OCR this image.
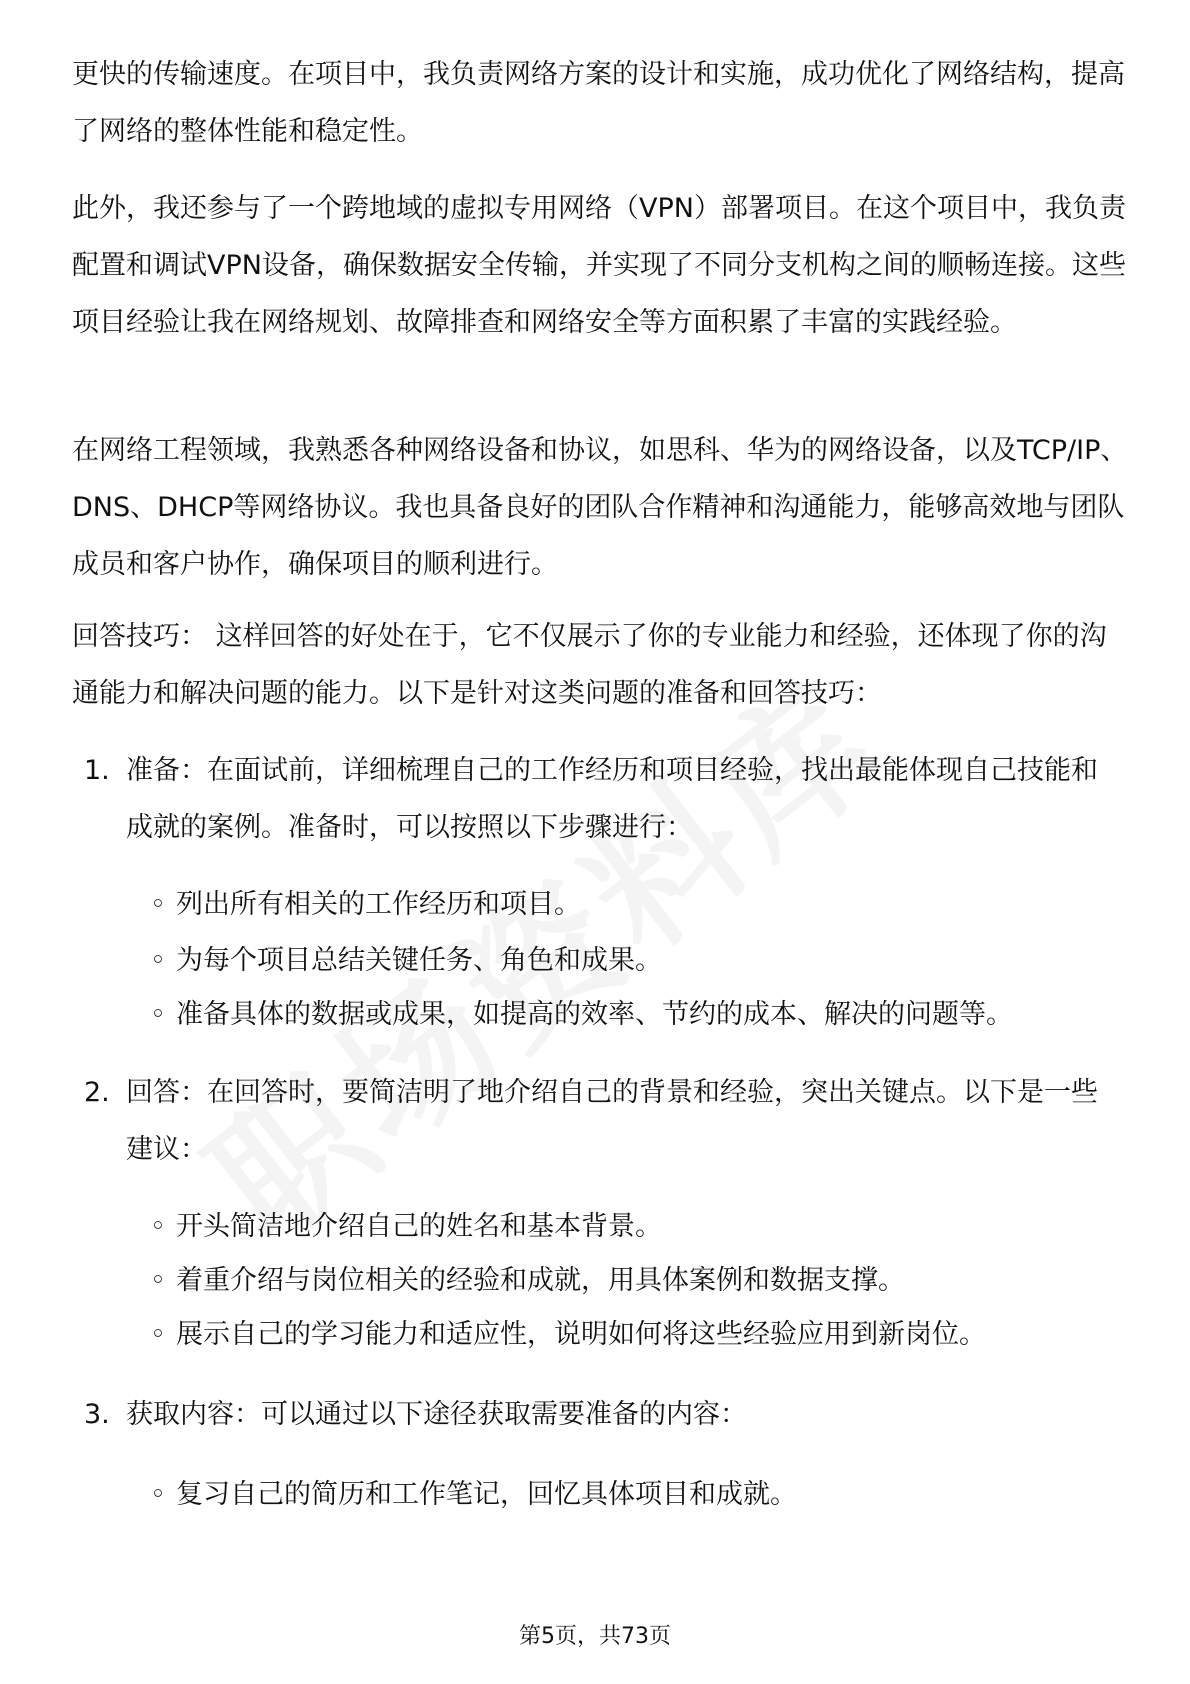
更快的传输速度。在项目中，我负责网络方案的设计和实施，成功优化了网络结构，提高了网络的整体性能和稳定性。

此外，我还参与了一个跨地域的虚拟专用网络（VPN）部署项目。在这个项目中，我负责配置和调试VPN设备，确保数据安全传输，并实现了不同分支机构之间的顺畅连接。这些项目经验让我在网络规划、故障排查和网络安全等方面积累了丰富的实践经验。

在网络工程领域，我熟悉各种网络设备和协议，如思科、华为的网络设备，以及TCP/IP、DNS、DHCP等网络协议。我也具备良好的团队合作精神和沟通能力，能够高效地与团队成员和客户协作，确保项目的顺利进行。

回答技巧： 这样回答的好处在于，它不仅展示了你的专业能力和经验，还体现了你的沟通能力和解决问题的能力。以下是针对这类问题的准备和回答技巧：

1. 准备：在面试前，详细梳理自己的工作经历和项目经验，找出最能体现自己技能和成就的案例。准备时，可以按照以下步骤进行：
◦ 列出所有相关的工作经历和项目。
◦ 为每个项目总结关键任务、角色和成果。
◦ 准备具体的数据或成果，如提高的效率、节约的成本、解决的问题等。
2. 回答：在回答时，要简洁明了地介绍自己的背景和经验，突出关键点。以下是一些建议：
◦ 开头简洁地介绍自己的姓名和基本背景。
◦ 着重介绍与岗位相关的经验和成就，用具体案例和数据支撑。
◦ 展示自己的学习能力和适应性，说明如何将这些经验应用到新岗位。
3. 获取内容：可以通过以下途径获取需要准备的内容：
◦ 复习自己的简历和工作笔记，回忆具体项目和成就。
第5页，共73页
